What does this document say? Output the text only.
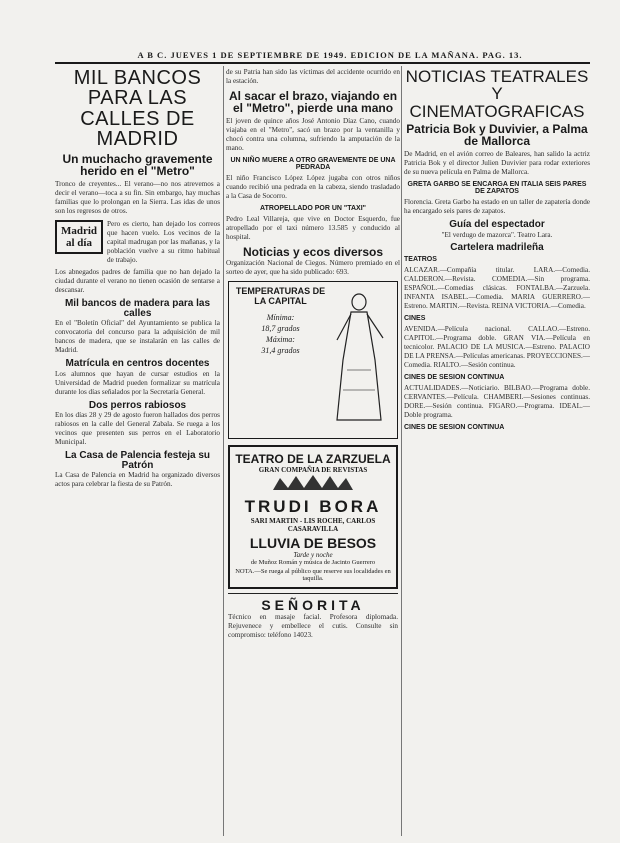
A B C. JUEVES 1 DE SEPTIEMBRE DE 1949. EDICION DE LA MAÑANA. PAG. 13.
MIL BANCOS PARA LAS CALLES DE MADRID
Un muchacho gravemente herido en el "Metro"
Tronco de creyentes... El verano—no nos atrevemos a decir el verano—toca a su fin. Sin embargo, hay muchas familias que lo prolongan en la Sierra. Las idas de unos son los regresos de otros.
Madrid al día
Pero es cierto, han dejado los correos que hacen vuelo. Los vecinos de la capital madrugan por las mañanas, y la población vuelve a su ritmo habitual de trabajo.
Los abnegados padres de familia que no han dejado la ciudad durante el verano no tienen ocasión de sentarse a descansar.
Mil bancos de madera para las calles
En el "Boletín Oficial" del Ayuntamiento se publica la convocatoria del concurso para la adquisición de mil bancos de madera, que se instalarán en las calles de Madrid.
Matrícula en centros docentes
Los alumnos que hayan de cursar estudios en la Universidad de Madrid pueden formalizar su matrícula durante los días señalados por la Secretaría General.
Dos perros rabiosos
En los días 28 y 29 de agosto fueron hallados dos perros rabiosos en la calle del General Zabala. Se ruega a los vecinos que presenten sus perros en el Laboratorio Municipal.
La Casa de Palencia festeja su Patrón
La Casa de Palencia en Madrid ha organizado diversos actos para celebrar la fiesta de su Patrón.
de su Patria han sido las víctimas del accidente ocurrido en la estación.
Al sacar el brazo, viajando en el "Metro", pierde una mano
El joven de quince años José Antonio Díaz Cano, cuando viajaba en el "Metro", sacó un brazo por la ventanilla y chocó contra una columna, sufriendo la amputación de la mano.
UN NIÑO MUERE A OTRO GRAVEMENTE DE UNA PEDRADA
El niño Francisco López López jugaba con otros niños cuando recibió una pedrada en la cabeza, siendo trasladado a la Casa de Socorro.
ATROPELLADO POR UN "TAXI"
Pedro Leal Villareja, que vive en Doctor Esquerdo, fue atropellado por el taxi número 13.585 y conducido al hospital.
Noticias y ecos diversos
Organización Nacional de Ciegos. Número premiado en el sorteo de ayer, que ha sido publicado: 693.
TEMPERATURAS DE LA CAPITAL
Mínima:
18,7 grados
Máxima:
31,4 grados
TEATRO DE LA ZARZUELA
GRAN COMPAÑIA DE REVISTAS
TRUDI BORA
SARI MARTIN - LIS ROCHE, CARLOS CASARAVILLA
LLUVIA DE BESOS
Tarde y noche
de Muñoz Román y música de Jacinto Guerrero
NOTA.—Se ruega al público que reserve sus localidades en taquilla.
SEÑORITA
Técnico en masaje facial. Profesora diplomada. Rejuvenece y embellece el cutis. Consulte sin compromiso: teléfono 14023.
NOTICIAS TEATRALES Y CINEMATOGRAFICAS
Patricia Bok y Duvivier, a Palma de Mallorca
De Madrid, en el avión correo de Baleares, han salido la actriz Patricia Bok y el director Julien Duvivier para rodar exteriores de su nueva película en Palma de Mallorca.
GRETA GARBO SE ENCARGA EN ITALIA SEIS PARES DE ZAPATOS
Florencia. Greta Garbo ha estado en un taller de zapatería donde ha encargado seis pares de zapatos.
Guía del espectador
"El verdugo de mazorca". Teatro Lara.
Cartelera madrileña
TEATROS
ALCAZAR.—Compañía titular. LARA.—Comedia. CALDERON.—Revista. COMEDIA.—Sin programa. ESPAÑOL.—Comedias clásicas. FONTALBA.—Zarzuela. INFANTA ISABEL.—Comedia. MARIA GUERRERO.—Estreno. MARTIN.—Revista. REINA VICTORIA.—Comedia.
CINES
AVENIDA.—Película nacional. CALLAO.—Estreno. CAPITOL.—Programa doble. GRAN VIA.—Película en tecnicolor. PALACIO DE LA MUSICA.—Estreno. PALACIO DE LA PRENSA.—Películas americanas. PROYECCIONES.—Comedia. RIALTO.—Sesión continua.
CINES DE SESION CONTINUA
ACTUALIDADES.—Noticiario. BILBAO.—Programa doble. CERVANTES.—Película. CHAMBERI.—Sesiones continuas. DORE.—Sesión continua. FIGARO.—Programa. IDEAL.—Doble programa.
CINES DE SESION CONTINUA
